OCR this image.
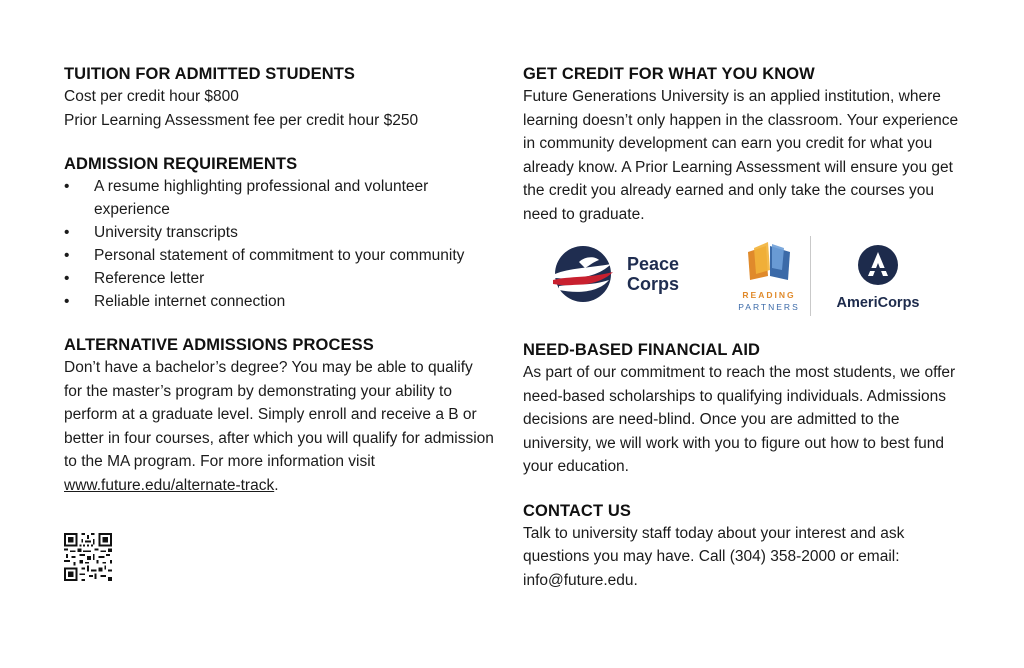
TUITION FOR ADMITTED STUDENTS

Cost per credit hour $800

Prior Learning Assessment fee per credit hour $250

ADMISSION REQUIREMENTS
• A resume highlighting professional and volunteer experience
• University transcripts
• Personal statement of commitment to your community
• Reference letter
• Reliable internet connection
ALTERNATIVE ADMISSIONS PROCESS

Don’t have a bachelor’s degree? You may be able to qualify for the master’s program by demonstrating your ability to perform at a graduate level. Simply enroll and receive a B or better in four courses, after which you will qualify for admission to the MA program. For more information visit www.future.edu/alternate-track.

GET CREDIT FOR WHAT YOU KNOW

Future Generations University is an applied institution, where learning doesn’t only happen in the classroom. Your experience in community development can earn you credit for what you already know. A Prior Learning Assessment will ensure you get the credit you already earned and only take the courses you need to graduate.

Peace
Corps
READING
PARTNERS	AmeriCorps
NEED-BASED FINANCIAL AID

As part of our commitment to reach the most students, we offer need-based scholarships to qualifying individuals. Admissions decisions are need-blind. Once you are admitted to the university, we will work with you to figure out how to best fund your education.

CONTACT US

Talk to university staff today about your interest and ask questions you may have. Call (304) 358-2000 or email: info@future.edu.
